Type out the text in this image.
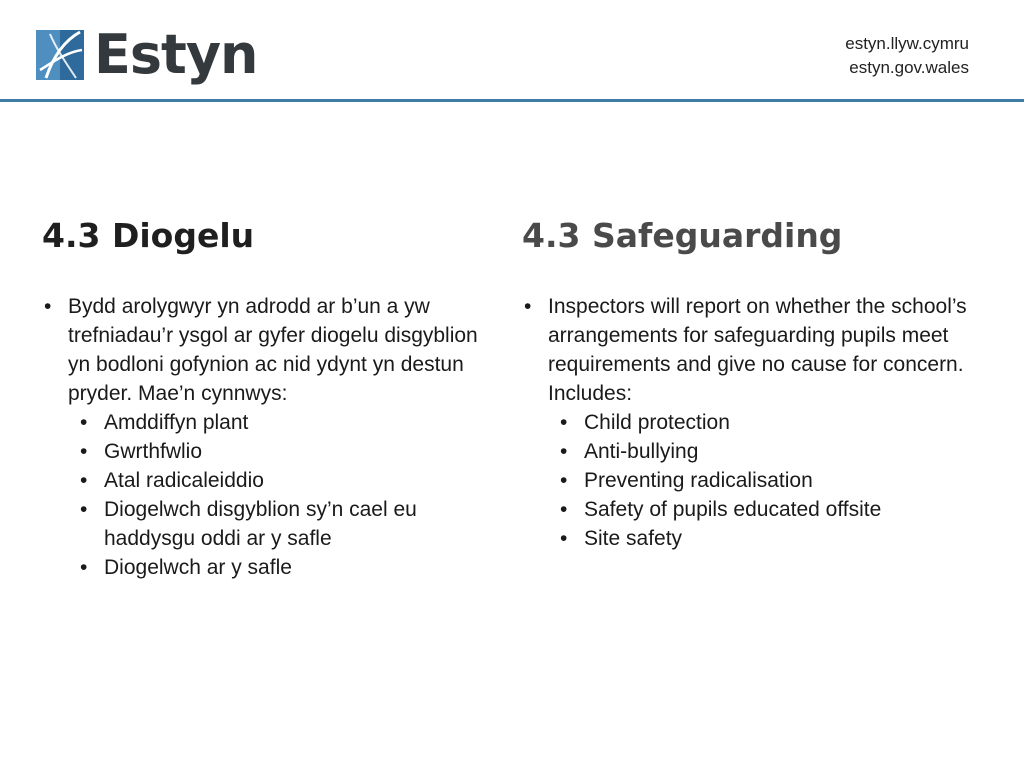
Estyn	estyn.llyw.cymru
estyn.gov.wales
4.3 Diogelu
• Bydd arolygwyr yn adrodd ar b’un a yw trefniadau’r ysgol ar gyfer diogelu disgyblion yn bodloni gofynion ac nid ydynt yn destun pryder. Mae’n cynnwys:
• Amddiffyn plant
• Gwrthfwlio
• Atal radicaleiddio
• Diogelwch disgyblion sy’n cael eu haddysgu oddi ar y safle
• Diogelwch ar y safle
4.3 Safeguarding
• Inspectors will report on whether the school’s arrangements for safeguarding pupils meet requirements and give no cause for concern. Includes:
• Child protection
• Anti-bullying
• Preventing radicalisation
• Safety of pupils educated offsite
• Site safety
